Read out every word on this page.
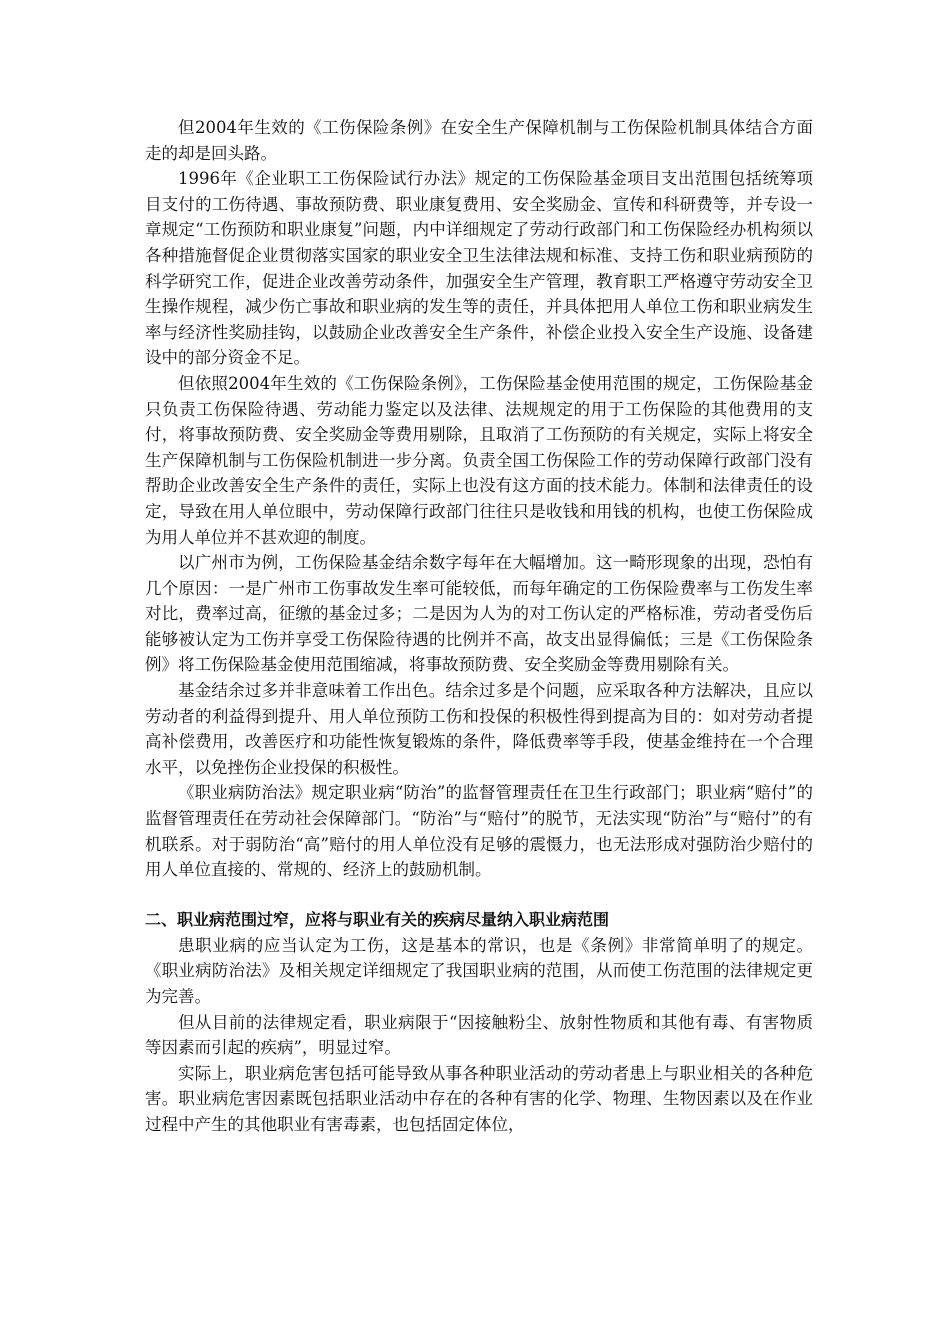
但2004年生效的《工伤保险条例》在安全生产保障机制与工伤保险机制具体结合方面走的却是回头路。

1996年《企业职工工伤保险试行办法》规定的工伤保险基金项目支出范围包括统筹项目支付的工伤待遇、事故预防费、职业康复费用、安全奖励金、宣传和科研费等，并专设一章规定“工伤预防和职业康复”问题，内中详细规定了劳动行政部门和工伤保险经办机构须以各种措施督促企业贯彻落实国家的职业安全卫生法律法规和标准、支持工伤和职业病预防的科学研究工作，促进企业改善劳动条件，加强安全生产管理，教育职工严格遵守劳动安全卫生操作规程，减少伤亡事故和职业病的发生等的责任，并具体把用人单位工伤和职业病发生率与经济性奖励挂钩，以鼓励企业改善安全生产条件，补偿企业投入安全生产设施、设备建设中的部分资金不足。

但依照2004年生效的《工伤保险条例》，工伤保险基金使用范围的规定，工伤保险基金只负责工伤保险待遇、劳动能力鉴定以及法律、法规规定的用于工伤保险的其他费用的支付，将事故预防费、安全奖励金等费用剔除，且取消了工伤预防的有关规定，实际上将安全生产保障机制与工伤保险机制进一步分离。负责全国工伤保险工作的劳动保障行政部门没有帮助企业改善安全生产条件的责任，实际上也没有这方面的技术能力。体制和法律责任的设定，导致在用人单位眼中，劳动保障行政部门往往只是收钱和用钱的机构，也使工伤保险成为用人单位并不甚欢迎的制度。

以广州市为例，工伤保险基金结余数字每年在大幅增加。这一畸形现象的出现，恐怕有几个原因：一是广州市工伤事故发生率可能较低，而每年确定的工伤保险费率与工伤发生率对比，费率过高，征缴的基金过多；二是因为人为的对工伤认定的严格标准，劳动者受伤后能够被认定为工伤并享受工伤保险待遇的比例并不高，故支出显得偏低；三是《工伤保险条例》将工伤保险基金使用范围缩减，将事故预防费、安全奖励金等费用剔除有关。

基金结余过多并非意味着工作出色。结余过多是个问题，应采取各种方法解决，且应以劳动者的利益得到提升、用人单位预防工伤和投保的积极性得到提高为目的：如对劳动者提高补偿费用，改善医疗和功能性恢复锻炼的条件，降低费率等手段，使基金维持在一个合理水平，以免挫伤企业投保的积极性。

《职业病防治法》规定职业病“防治”的监督管理责任在卫生行政部门；职业病“赔付”的监督管理责任在劳动社会保障部门。“防治”与“赔付”的脱节，无法实现“防治”与“赔付”的有机联系。对于弱防治“高”赔付的用人单位没有足够的震慑力，也无法形成对强防治少赔付的用人单位直接的、常规的、经济上的鼓励机制。

二、职业病范围过窄，应将与职业有关的疾病尽量纳入职业病范围

患职业病的应当认定为工伤，这是基本的常识，也是《条例》非常简单明了的规定。《职业病防治法》及相关规定详细规定了我国职业病的范围，从而使工伤范围的法律规定更为完善。

但从目前的法律规定看，职业病限于“因接触粉尘、放射性物质和其他有毒、有害物质等因素而引起的疾病”，明显过窄。

实际上，职业病危害包括可能导致从事各种职业活动的劳动者患上与职业相关的各种危害。职业病危害因素既包括职业活动中存在的各种有害的化学、物理、生物因素以及在作业过程中产生的其他职业有害毒素，也包括固定体位，
